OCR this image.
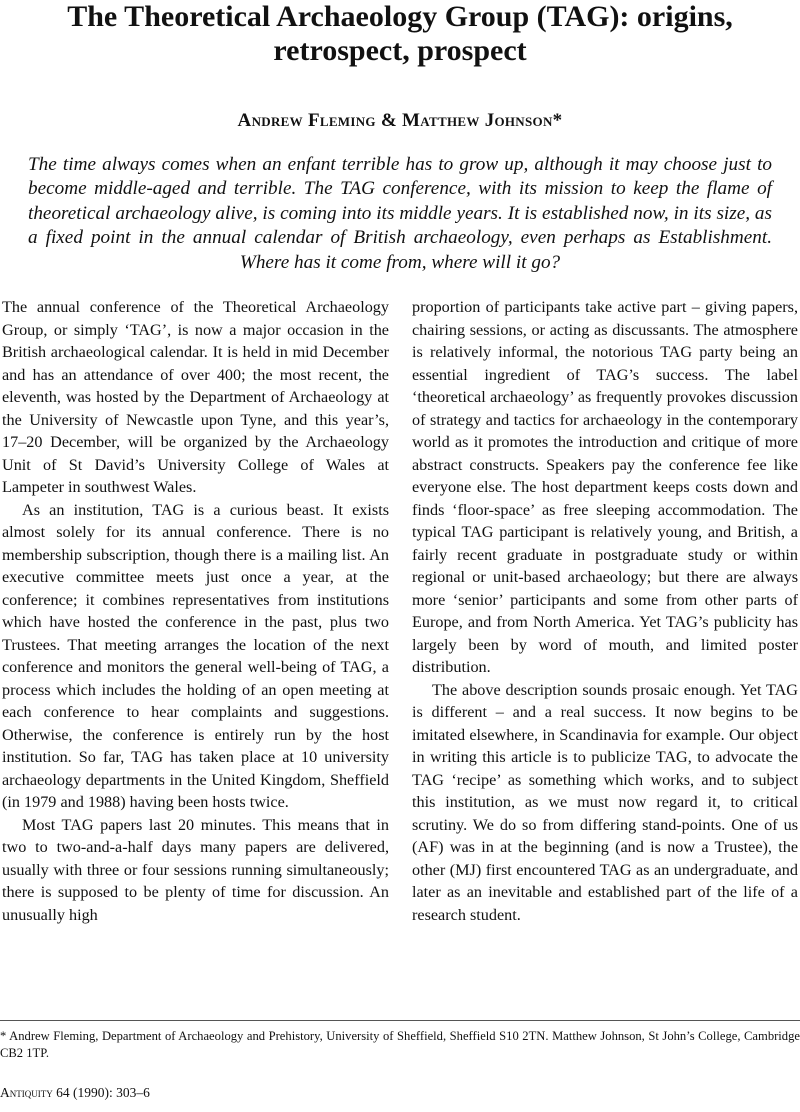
The Theoretical Archaeology Group (TAG): origins,
retrospect, prospect

Andrew Fleming & Matthew Johnson*

The time always comes when an enfant terrible has to grow up, although it may choose just to become middle-aged and terrible. The TAG conference, with its mission to keep the flame of theoretical archaeology alive, is coming into its middle years. It is established now, in its size, as a fixed point in the annual calendar of British archaeology, even perhaps as Establishment. Where has it come from, where will it go?

The annual conference of the Theoretical Archaeology Group, or simply ‘TAG’, is now a major occasion in the British archaeological calendar. It is held in mid December and has an attendance of over 400; the most recent, the eleventh, was hosted by the Department of Archaeology at the University of Newcastle upon Tyne, and this year’s, 17–20 December, will be organized by the Archaeology Unit of St David’s University College of Wales at Lampeter in southwest Wales.

As an institution, TAG is a curious beast. It exists almost solely for its annual conference. There is no membership subscription, though there is a mailing list. An executive committee meets just once a year, at the conference; it combines representatives from institutions which have hosted the conference in the past, plus two Trustees. That meeting arranges the location of the next conference and monitors the general well-being of TAG, a process which includes the holding of an open meeting at each conference to hear complaints and suggestions. Otherwise, the conference is entirely run by the host institution. So far, TAG has taken place at 10 university archaeology departments in the United Kingdom, Sheffield (in 1979 and 1988) having been hosts twice.

Most TAG papers last 20 minutes. This means that in two to two-and-a-half days many papers are delivered, usually with three or four sessions running simultaneously; there is supposed to be plenty of time for discussion. An unusually high

proportion of participants take active part – giving papers, chairing sessions, or acting as discussants. The atmosphere is relatively informal, the notorious TAG party being an essential ingredient of TAG’s success. The label ‘theoretical archaeology’ as frequently provokes discussion of strategy and tactics for archaeology in the contemporary world as it promotes the introduction and critique of more abstract constructs. Speakers pay the conference fee like everyone else. The host department keeps costs down and finds ‘floor-space’ as free sleeping accommodation. The typical TAG participant is relatively young, and British, a fairly recent graduate in postgraduate study or within regional or unit-based archaeology; but there are always more ‘senior’ participants and some from other parts of Europe, and from North America. Yet TAG’s publicity has largely been by word of mouth, and limited poster distribution.

The above description sounds prosaic enough. Yet TAG is different – and a real success. It now begins to be imitated elsewhere, in Scandinavia for example. Our object in writing this article is to publicize TAG, to advocate the TAG ‘recipe’ as something which works, and to subject this institution, as we must now regard it, to critical scrutiny. We do so from differing stand-points. One of us (AF) was in at the beginning (and is now a Trustee), the other (MJ) first encountered TAG as an undergraduate, and later as an inevitable and established part of the life of a research student.

* Andrew Fleming, Department of Archaeology and Prehistory, University of Sheffield, Sheffield S10 2TN. Matthew Johnson, St John’s College, Cambridge CB2 1TP.

Antiquity 64 (1990): 303–6
